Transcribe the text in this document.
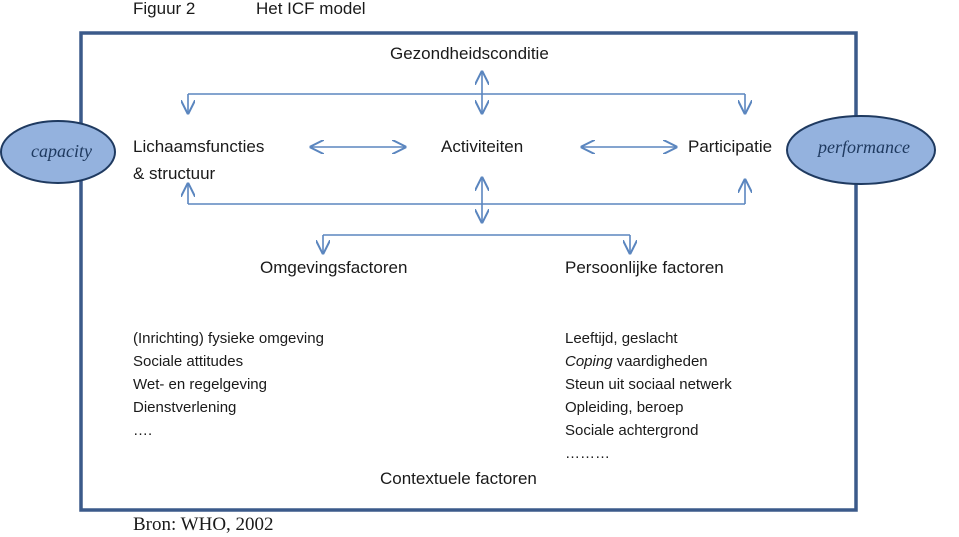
Figuur 2	Het ICF model
capacity	performance
Gezondheidsconditie
Lichaamsfuncties
& structuur
Activiteiten	Participatie
Omgevingsfactoren	Persoonlijke factoren
(Inrichting) fysieke omgeving
Sociale attitudes
Wet- en regelgeving
Dienstverlening
….
Leeftijd, geslacht
Coping vaardigheden
Steun uit sociaal netwerk
Opleiding, beroep
Sociale achtergrond
………
Contextuele factoren
Bron: WHO, 2002
